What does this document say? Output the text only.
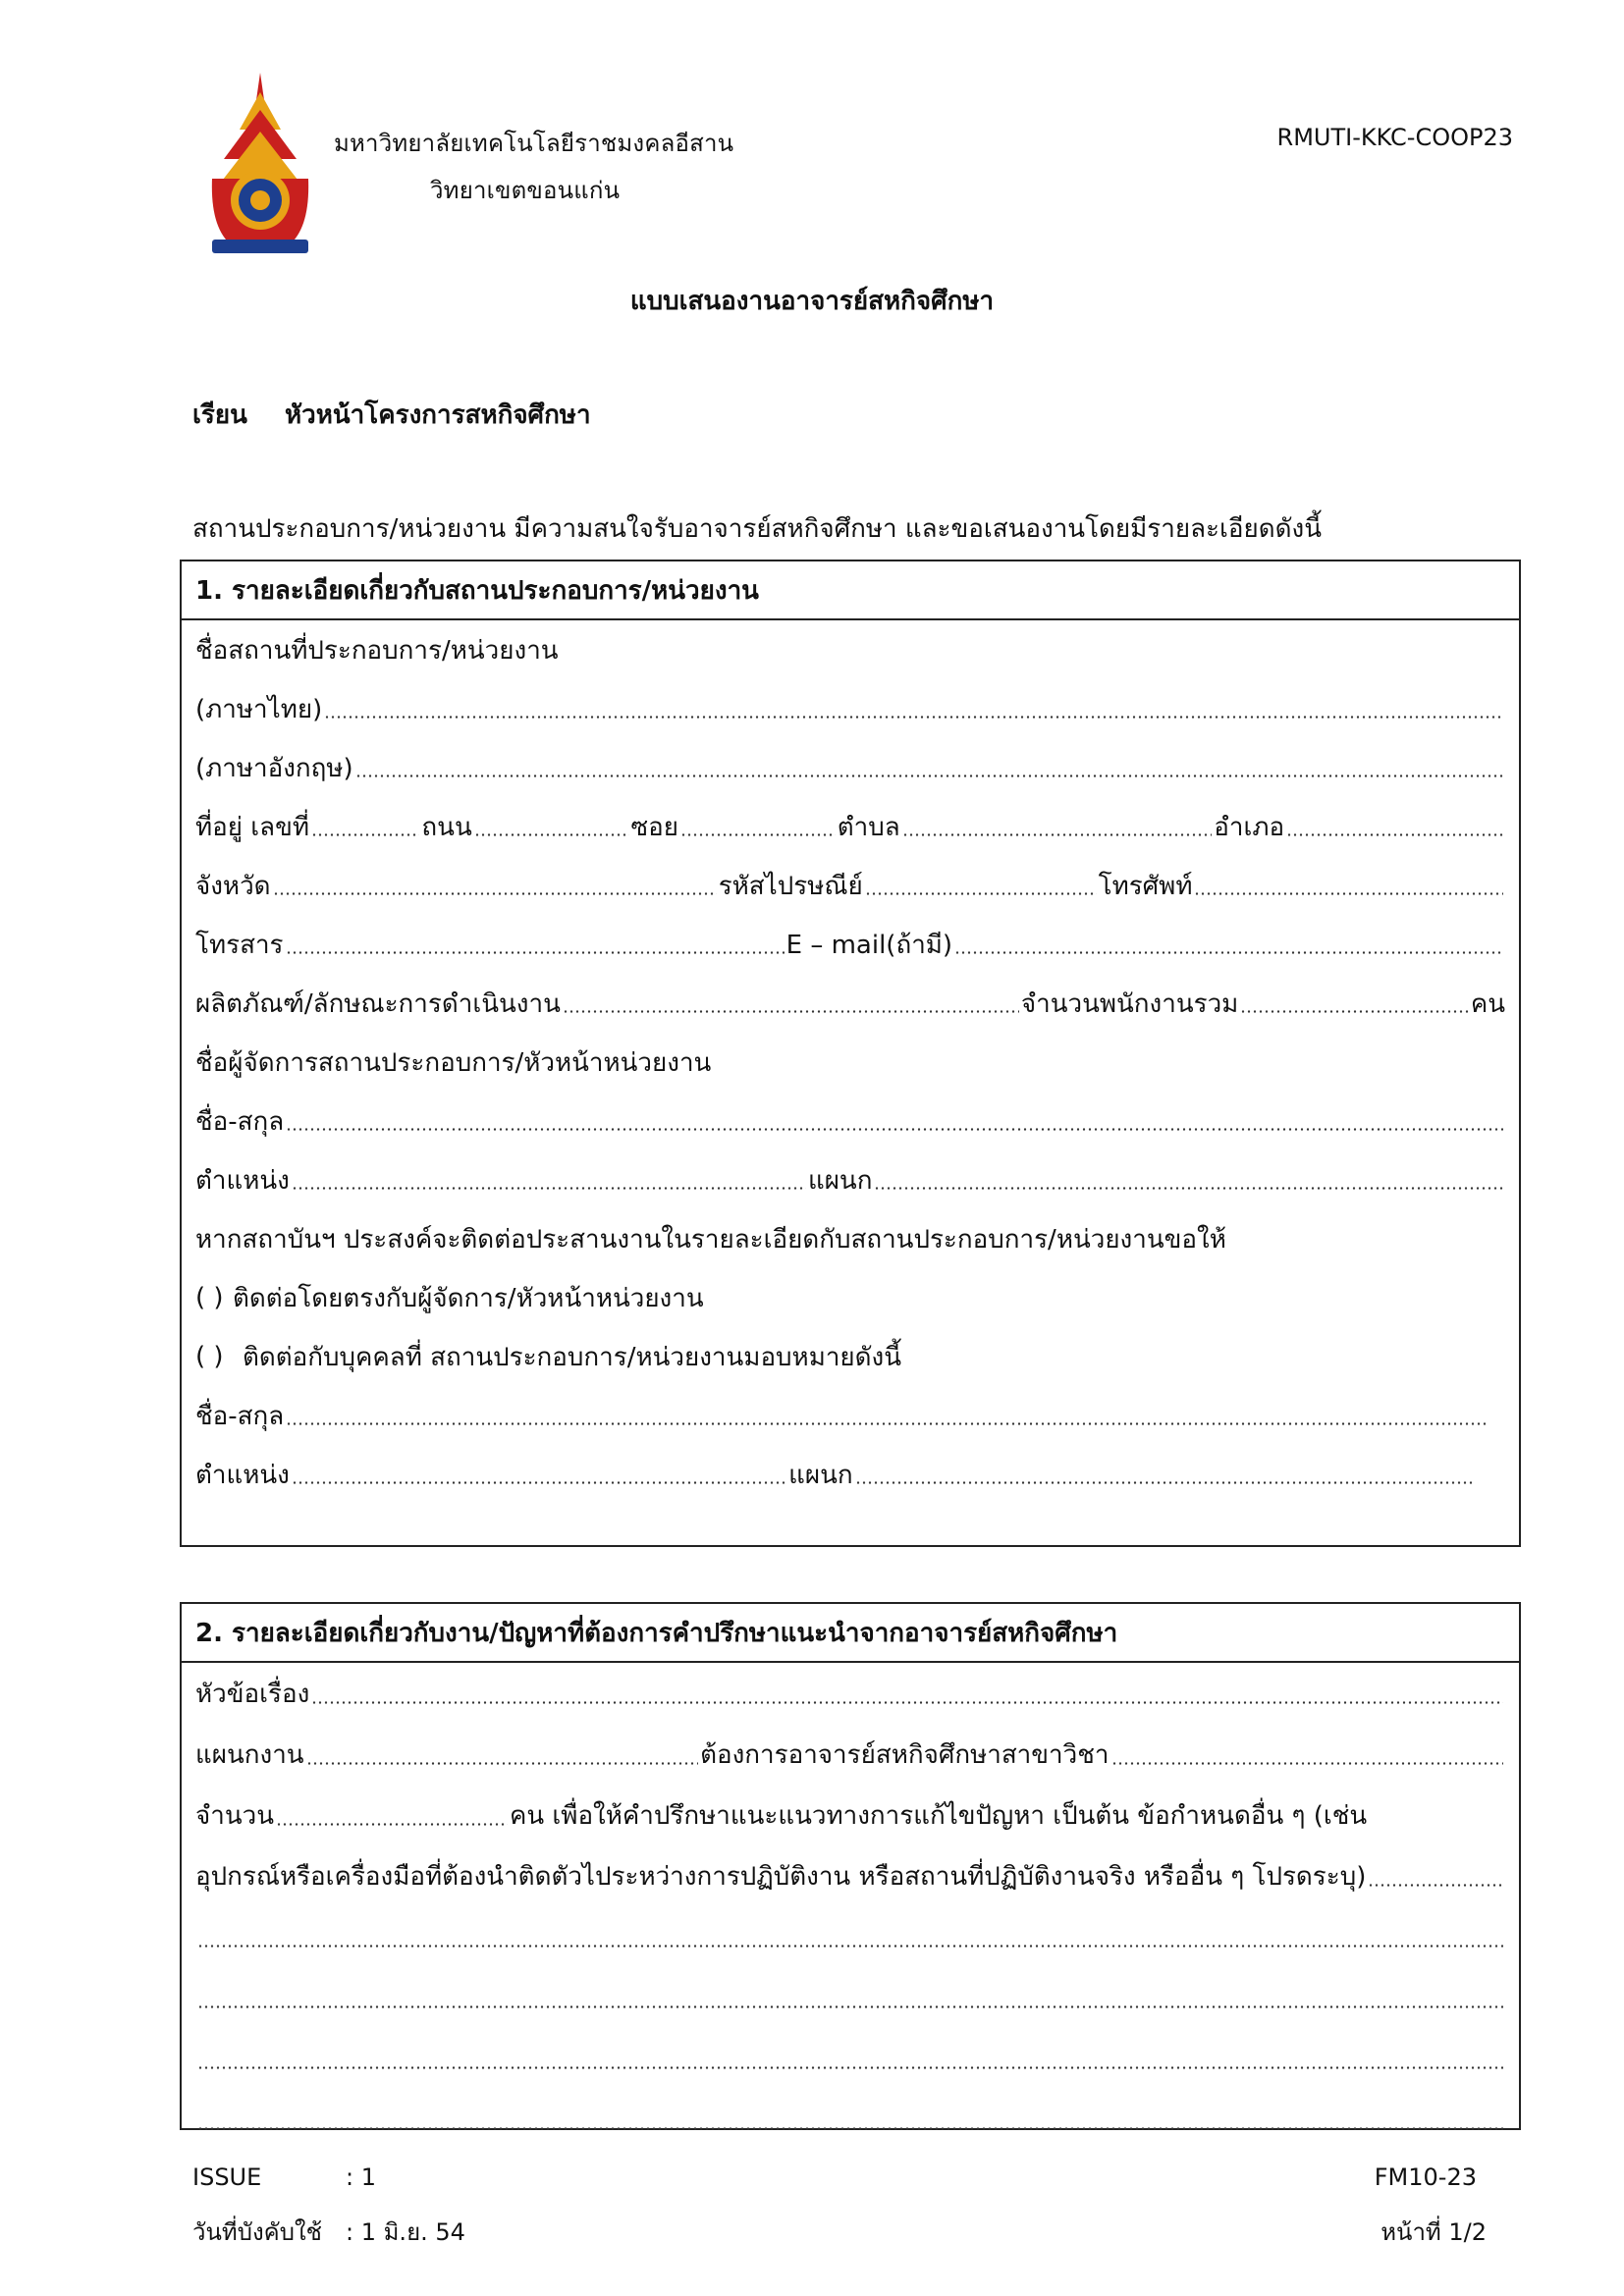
มหาวิทยาลัยเทคโนโลยีราชมงคลอีสาน
วิทยาเขตขอนแก่น
RMUTI-KKC-COOP23
แบบเสนองานอาจารย์สหกิจศึกษา
เรียน หัวหน้าโครงการสหกิจศึกษา
สถานประกอบการ/หน่วยงาน มีความสนใจรับอาจารย์สหกิจศึกษา และขอเสนองานโดยมีรายละเอียดดังนี้
1. รายละเอียดเกี่ยวกับสถานประกอบการ/หน่วยงาน
ชื่อสถานที่ประกอบการ/หน่วยงาน
(ภาษาไทย)
(ภาษาอังกฤษ)
ที่อยู่ เลขที่	ถนน	ซอย	ตำบล	อำเภอ
จังหวัด	รหัสไปรษณีย์	โทรศัพท์
โทรสาร	E – mail(ถ้ามี)
ผลิตภัณฑ์/ลักษณะการดำเนินงาน	จำนวนพนักงานรวม	คน
ชื่อผู้จัดการสถานประกอบการ/หัวหน้าหน่วยงาน
ชื่อ-สกุล
ตำแหน่ง	แผนก
หากสถาบันฯ ประสงค์จะติดต่อประสานงานในรายละเอียดกับสถานประกอบการ/หน่วยงานขอให้
( ) ติดต่อโดยตรงกับผู้จัดการ/หัวหน้าหน่วยงาน
( ) ติดต่อกับบุคคลที่ สถานประกอบการ/หน่วยงานมอบหมายดังนี้
ชื่อ-สกุล
ตำแหน่ง	แผนก
2. รายละเอียดเกี่ยวกับงาน/ปัญหาที่ต้องการคำปรึกษาแนะนำจากอาจารย์สหกิจศึกษา
หัวข้อเรื่อง
แผนกงาน	ต้องการอาจารย์สหกิจศึกษาสาขาวิชา
จำนวน	คน เพื่อให้คำปรึกษาแนะแนวทางการแก้ไขปัญหา เป็นต้น ข้อกำหนดอื่น ๆ (เช่น
อุปกรณ์หรือเครื่องมือที่ต้องนำติดตัวไประหว่างการปฏิบัติงาน หรือสถานที่ปฏิบัติงานจริง หรืออื่น ๆ โปรดระบุ)
ISSUE	: 1
วันที่บังคับใช้ : 1 มิ.ย. 54
FM10-23
หน้าที่ 1/2
